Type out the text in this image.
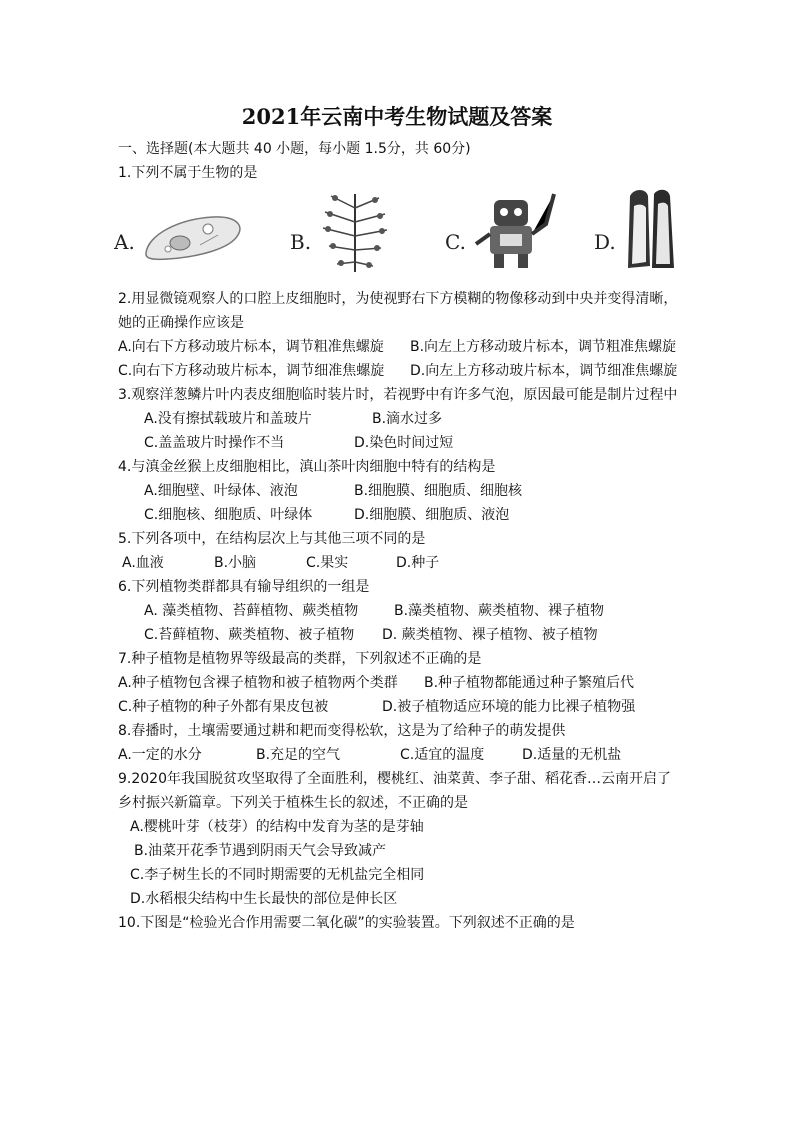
2021年云南中考生物试题及答案
一、选择题(本大题共 40 小题，每小题 1.5分，共 60分)
1.下列不属于生物的是
A.	B.	C.	D.
2.用显微镜观察人的口腔上皮细胞时，为使视野右下方模糊的物像移动到中央并变得清晰，
她的正确操作应该是
A.向右下方移动玻片标本，调节粗准焦螺旋 B.向左上方移动玻片标本，调节粗准焦螺旋
C.向右下方移动玻片标本，调节细准焦螺旋 D.向左上方移动玻片标本，调节细准焦螺旋
3.观察洋葱鳞片叶内表皮细胞临时装片时，若视野中有许多气泡，原因最可能是制片过程中
A.没有擦拭载玻片和盖玻片	B.滴水过多
C.盖盖玻片时操作不当	D.染色时间过短
4.与滇金丝猴上皮细胞相比，滇山茶叶肉细胞中特有的结构是
A.细胞壁、叶绿体、液泡	B.细胞膜、细胞质、细胞核
C.细胞核、细胞质、叶绿体	D.细胞膜、细胞质、液泡
5.下列各项中，在结构层次上与其他三项不同的是
A.血液	B.小脑	C.果实	D.种子
6.下列植物类群都具有输导组织的一组是
A. 藻类植物、苔藓植物、蕨类植物	B.藻类植物、蕨类植物、裸子植物
C.苔藓植物、蕨类植物、被子植物 D. 蕨类植物、裸子植物、被子植物
7.种子植物是植物界等级最高的类群，下列叙述不正确的是
A.种子植物包含裸子植物和被子植物两个类群 B.种子植物都能通过种子繁殖后代
C.种子植物的种子外都有果皮包被	D.被子植物适应环境的能力比裸子植物强
8.春播时，土壤需要通过耕和耙而变得松软，这是为了给种子的萌发提供
A.一定的水分	B.充足的空气	C.适宜的温度	D.适量的无机盐
9.2020年我国脱贫攻坚取得了全面胜利，樱桃红、油菜黄、李子甜、稻花香…云南开启了
乡村振兴新篇章。下列关于植株生长的叙述，不正确的是
A.樱桃叶芽（枝芽）的结构中发育为茎的是芽轴
B.油菜开花季节遇到阴雨天气会导致减产
C.李子树生长的不同时期需要的无机盐完全相同
D.水稻根尖结构中生长最快的部位是伸长区
10.下图是“检验光合作用需要二氧化碳”的实验装置。下列叙述不正确的是
